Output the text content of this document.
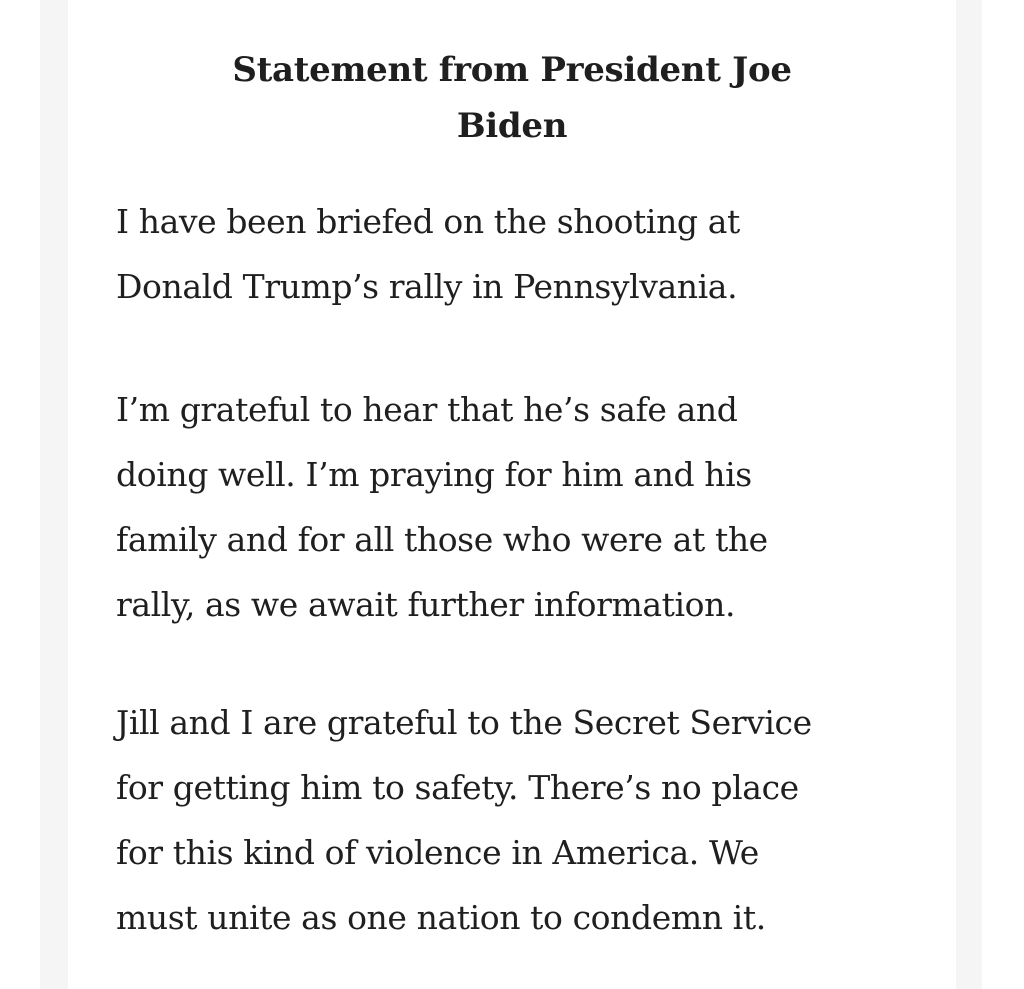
Statement from President Joe
Biden

I have been briefed on the shooting at
Donald Trump’s rally in Pennsylvania.

I’m grateful to hear that he’s safe and
doing well. I’m praying for him and his
family and for all those who were at the
rally, as we await further information.

Jill and I are grateful to the Secret Service
for getting him to safety. There’s no place
for this kind of violence in America. We
must unite as one nation to condemn it.
